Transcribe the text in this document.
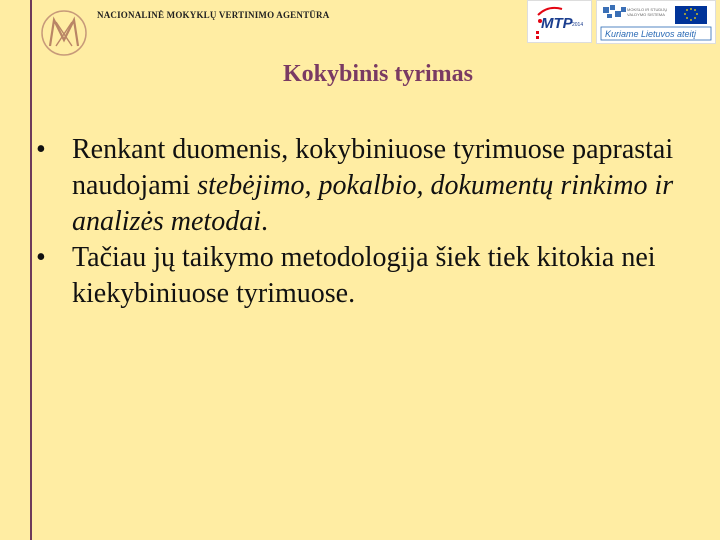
NACIONALINĖ MOKYKLŲ VERTINIMO AGENTŪRA	MTP 2014
MOKSLO IR STUDIJŲ
VALDYMO SISTEMA
Kuriame Lietuvos ateitį
Kokybinis tyrimas
• Renkant duomenis, kokybiniuose tyrimuose paprastai naudojami stebėjimo, pokalbio, dokumentų rinkimo ir analizės metodai.
• Tačiau jų taikymo metodologija šiek tiek kitokia nei kiekybiniuose tyrimuose.
